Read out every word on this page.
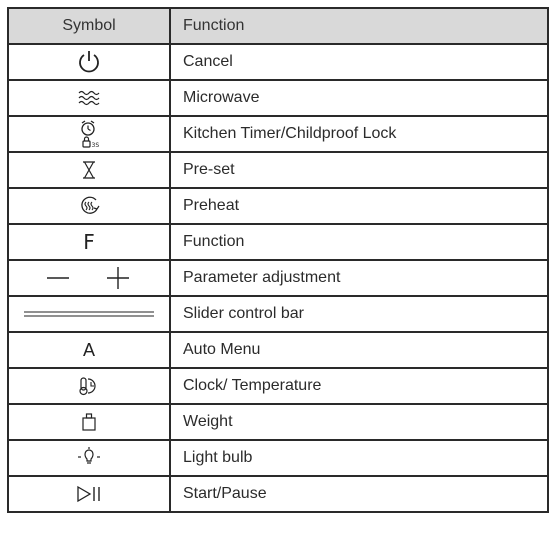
Symbol	Function

	Cancel

	Microwave

3S	Kitchen Timer/Childproof Lock

	Pre-set

	Preheat
F	Function

	Parameter adjustment

	Slider control bar
A	Auto Menu

	Clock/ Temperature

	Weight

	Light bulb

	Start/Pause
